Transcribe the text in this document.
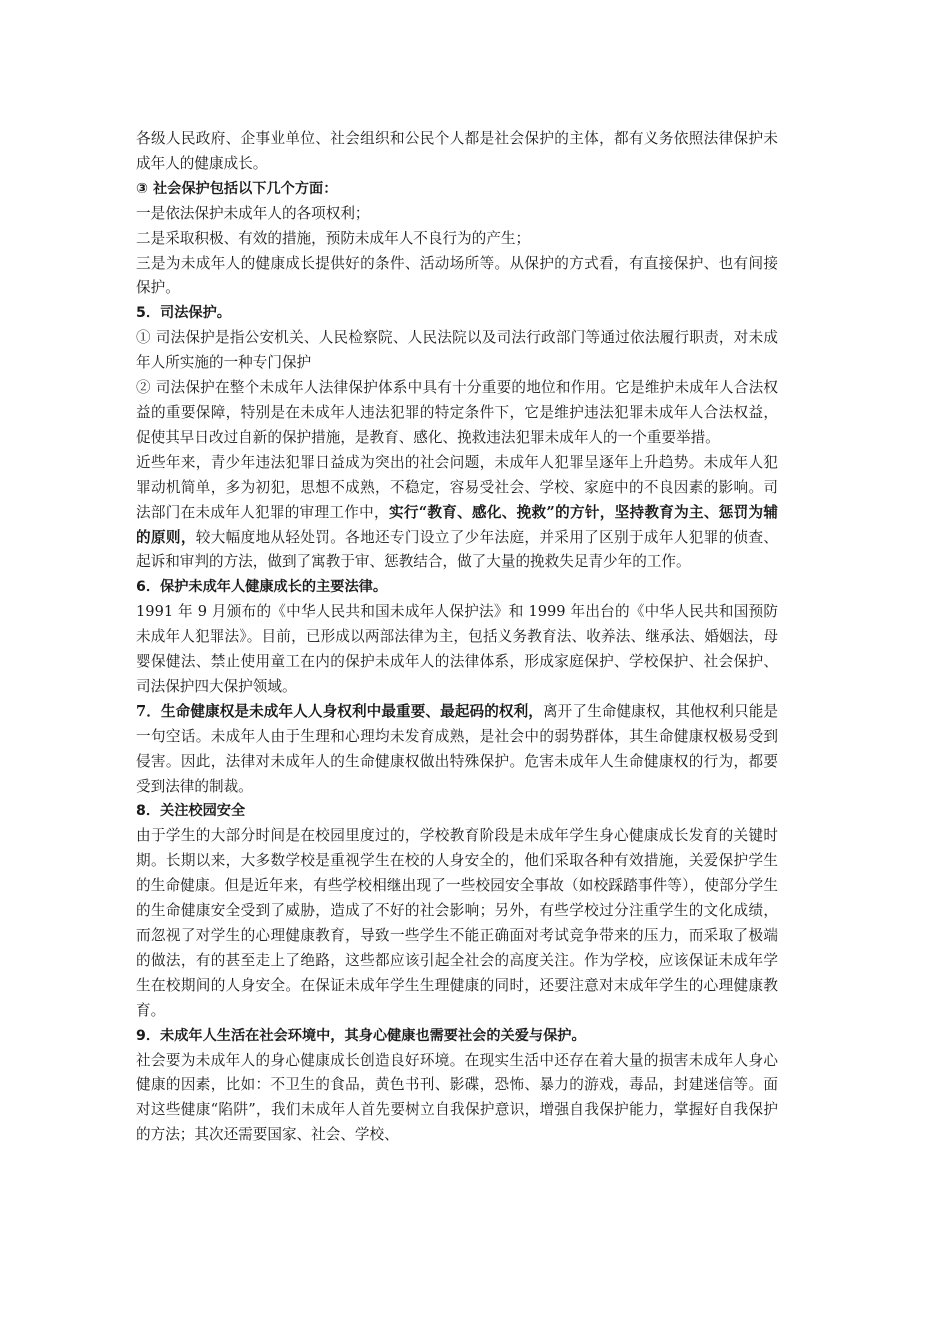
各级人民政府、企事业单位、社会组织和公民个人都是社会保护的主体，都有义务依照法律保护未成年人的健康成长。

③ 社会保护包括以下几个方面：

一是依法保护未成年人的各项权利；

二是采取积极、有效的措施，预防未成年人不良行为的产生；

三是为未成年人的健康成长提供好的条件、活动场所等。从保护的方式看，有直接保护、也有间接保护。

5．司法保护。

① 司法保护是指公安机关、人民检察院、人民法院以及司法行政部门等通过依法履行职责，对未成年人所实施的一种专门保护

② 司法保护在整个未成年人法律保护体系中具有十分重要的地位和作用。它是维护未成年人合法权益的重要保障，特别是在未成年人违法犯罪的特定条件下，它是维护违法犯罪未成年人合法权益，促使其早日改过自新的保护措施，是教育、感化、挽救违法犯罪未成年人的一个重要举措。

近些年来，青少年违法犯罪日益成为突出的社会问题，未成年人犯罪呈逐年上升趋势。未成年人犯罪动机简单，多为初犯，思想不成熟，不稳定，容易受社会、学校、家庭中的不良因素的影响。司法部门在未成年人犯罪的审理工作中，实行“教育、感化、挽救”的方针，坚持教育为主、惩罚为辅的原则，较大幅度地从轻处罚。各地还专门设立了少年法庭，并采用了区别于成年人犯罪的侦查、起诉和审判的方法，做到了寓教于审、惩教结合，做了大量的挽救失足青少年的工作。

6．保护未成年人健康成长的主要法律。

1991 年 9 月颁布的《中华人民共和国未成年人保护法》和 1999 年出台的《中华人民共和国预防未成年人犯罪法》。目前，已形成以两部法律为主，包括义务教育法、收养法、继承法、婚姻法，母婴保健法、禁止使用童工在内的保护未成年人的法律体系，形成家庭保护、学校保护、社会保护、司法保护四大保护领域。

7．生命健康权是未成年人人身权利中最重要、最起码的权利，离开了生命健康权，其他权利只能是一句空话。未成年人由于生理和心理均未发育成熟，是社会中的弱势群体，其生命健康权极易受到侵害。因此，法律对未成年人的生命健康权做出特殊保护。危害未成年人生命健康权的行为，都要受到法律的制裁。

8．关注校园安全

由于学生的大部分时间是在校园里度过的，学校教育阶段是未成年学生身心健康成长发育的关键时期。长期以来，大多数学校是重视学生在校的人身安全的，他们采取各种有效措施，关爱保护学生的生命健康。但是近年来，有些学校相继出现了一些校园安全事故（如校踩踏事件等），使部分学生的生命健康安全受到了威胁，造成了不好的社会影响；另外，有些学校过分注重学生的文化成绩，而忽视了对学生的心理健康教育，导致一些学生不能正确面对考试竞争带来的压力，而采取了极端的做法，有的甚至走上了绝路，这些都应该引起全社会的高度关注。作为学校，应该保证未成年学生在校期间的人身安全。在保证未成年学生生理健康的同时，还要注意对末成年学生的心理健康教育。

9．未成年人生活在社会环境中，其身心健康也需要社会的关爱与保护。

社会要为未成年人的身心健康成长创造良好环境。在现实生活中还存在着大量的损害未成年人身心健康的因素，比如：不卫生的食品，黄色书刊、影碟，恐怖、暴力的游戏，毒品，封建迷信等。面对这些健康“陷阱”，我们未成年人首先要树立自我保护意识，增强自我保护能力，掌握好自我保护的方法；其次还需要国家、社会、学校、
